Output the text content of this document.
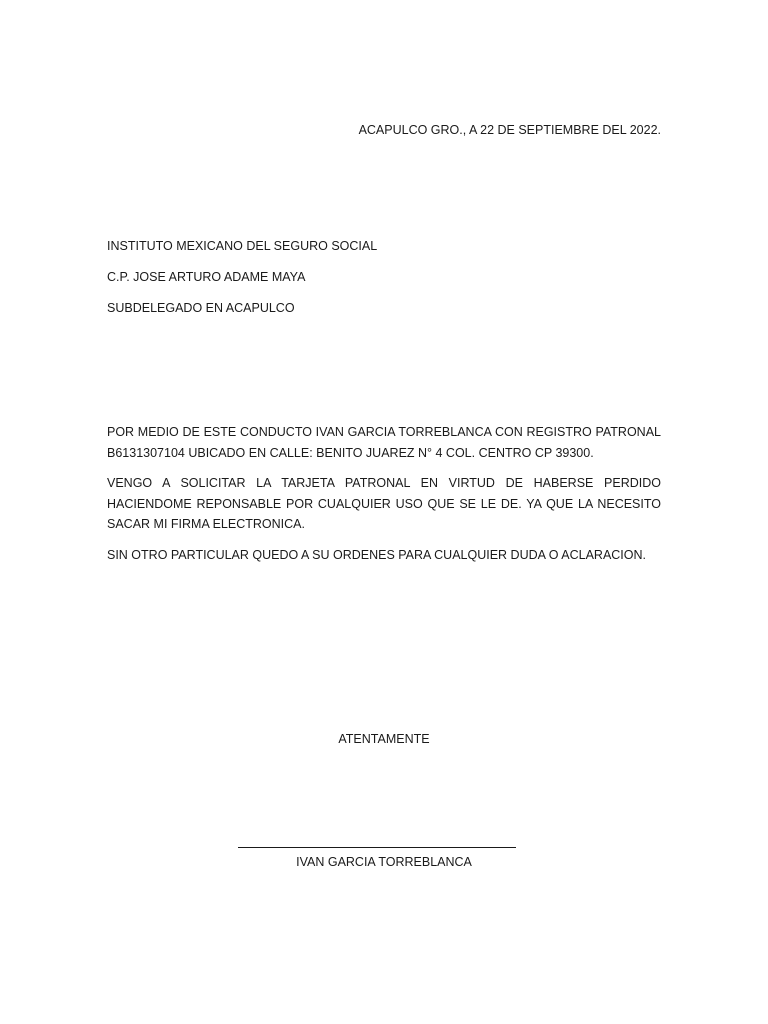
ACAPULCO GRO., A 22 DE SEPTIEMBRE DEL 2022.
INSTITUTO MEXICANO DEL SEGURO SOCIAL
C.P. JOSE ARTURO ADAME MAYA
SUBDELEGADO EN ACAPULCO

POR MEDIO DE ESTE CONDUCTO IVAN GARCIA TORREBLANCA CON REGISTRO PATRONAL B6131307104 UBICADO EN CALLE: BENITO JUAREZ N° 4 COL. CENTRO CP 39300.

VENGO A SOLICITAR LA TARJETA PATRONAL EN VIRTUD DE HABERSE PERDIDO HACIENDOME REPONSABLE POR CUALQUIER USO QUE SE LE DE. YA QUE LA NECESITO SACAR MI FIRMA ELECTRONICA.

SIN OTRO PARTICULAR QUEDO A SU ORDENES PARA CUALQUIER DUDA O ACLARACION.

ATENTAMENTE
IVAN GARCIA TORREBLANCA
